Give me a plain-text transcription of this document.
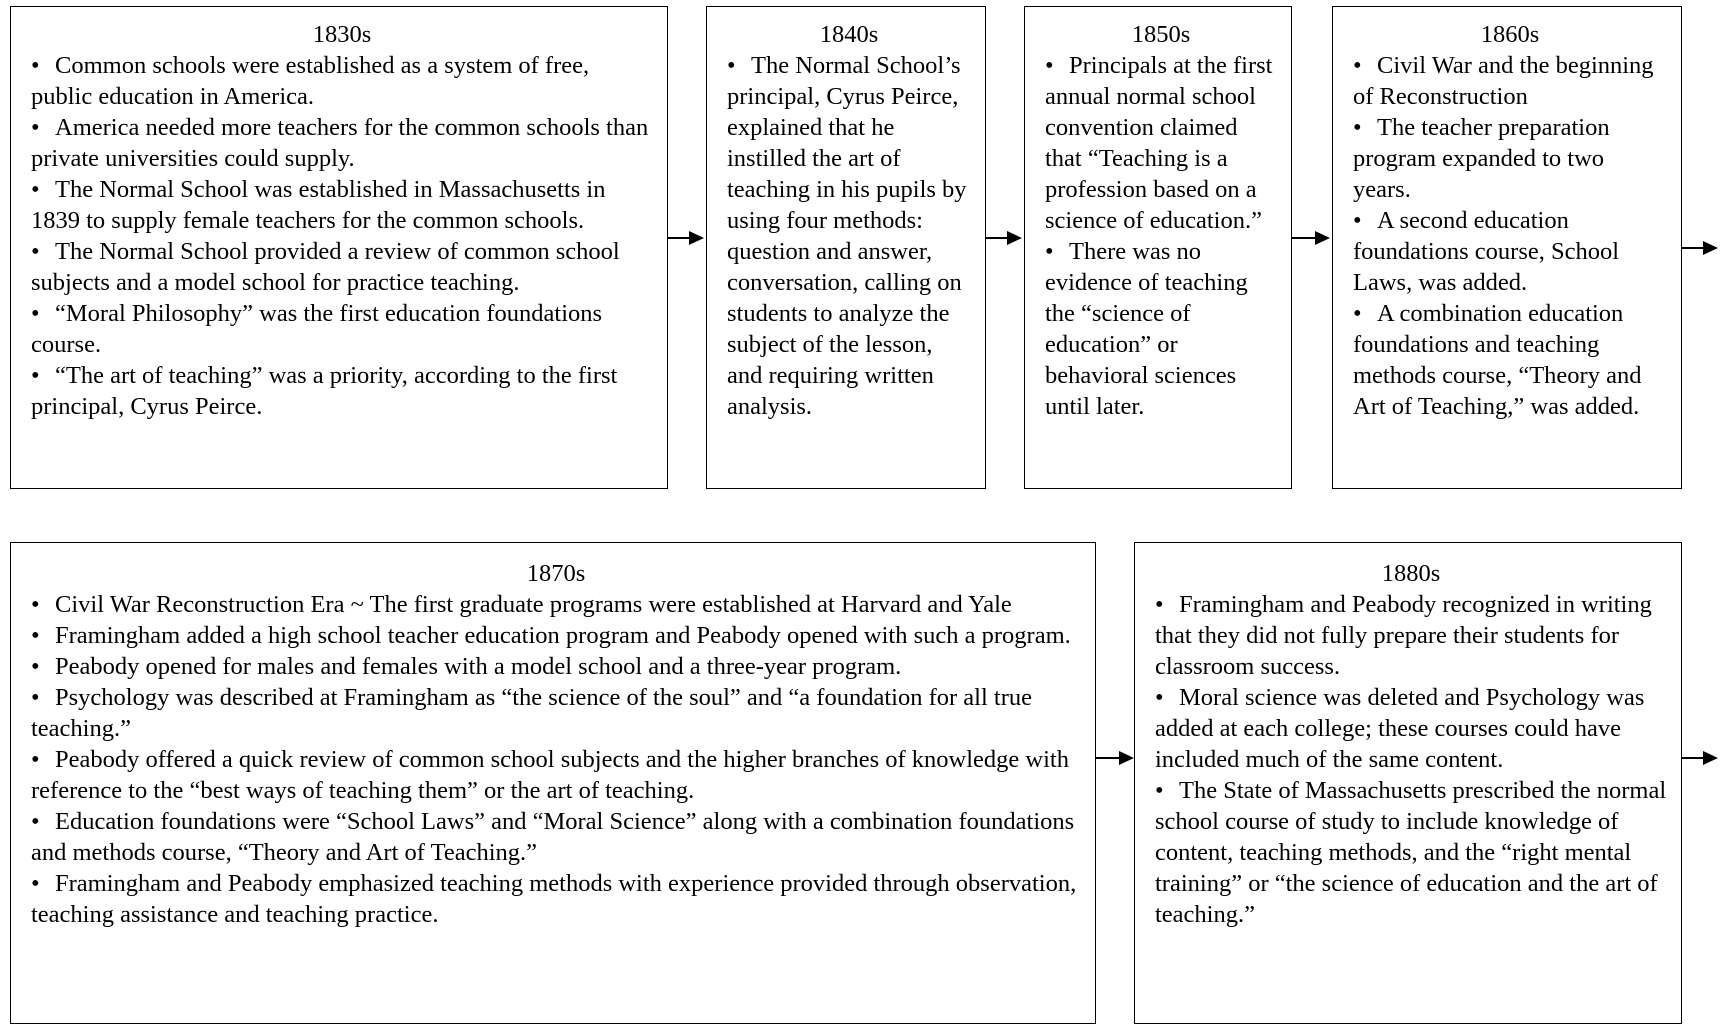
1830s
• Common schools were established as a system of free, public education in America.
• America needed more teachers for the common schools than private universities could supply.
• The Normal School was established in Massachusetts in 1839 to supply female teachers for the common schools.
• The Normal School provided a review of common school subjects and a model school for practice teaching.
• “Moral Philosophy” was the first education foundations course.
• “The art of teaching” was a priority, according to the first principal, Cyrus Peirce.
1840s
• The Normal School’s principal, Cyrus Peirce, explained that he instilled the art of teaching in his pupils by using four methods: question and answer, conversation, calling on students to analyze the subject of the lesson, and requiring written analysis.
1850s
• Principals at the first annual normal school convention claimed that “Teaching is a profession based on a science of education.”
• There was no evidence of teaching the “science of education” or behavioral sciences until later.
1860s
• Civil War and the beginning of Reconstruction
• The teacher preparation program expanded to two years.
• A second education foundations course, School Laws, was added.
• A combination education foundations and teaching methods course, “Theory and Art of Teaching,” was added.
1870s
• Civil War Reconstruction Era ~ The first graduate programs were established at Harvard and Yale
• Framingham added a high school teacher education program and Peabody opened with such a program.
• Peabody opened for males and females with a model school and a three-year program.
• Psychology was described at Framingham as “the science of the soul” and “a foundation for all true teaching.”
• Peabody offered a quick review of common school subjects and the higher branches of knowledge with reference to the “best ways of teaching them” or the art of teaching.
• Education foundations were “School Laws” and “Moral Science” along with a combination foundations and methods course, “Theory and Art of Teaching.”
• Framingham and Peabody emphasized teaching methods with experience provided through observation, teaching assistance and teaching practice.
1880s
• Framingham and Peabody recognized in writing that they did not fully prepare their students for classroom success.
• Moral science was deleted and Psychology was added at each college; these courses could have included much of the same content.
• The State of Massachusetts prescribed the normal school course of study to include knowledge of content, teaching methods, and the “right mental training” or “the science of education and the art of teaching.”
